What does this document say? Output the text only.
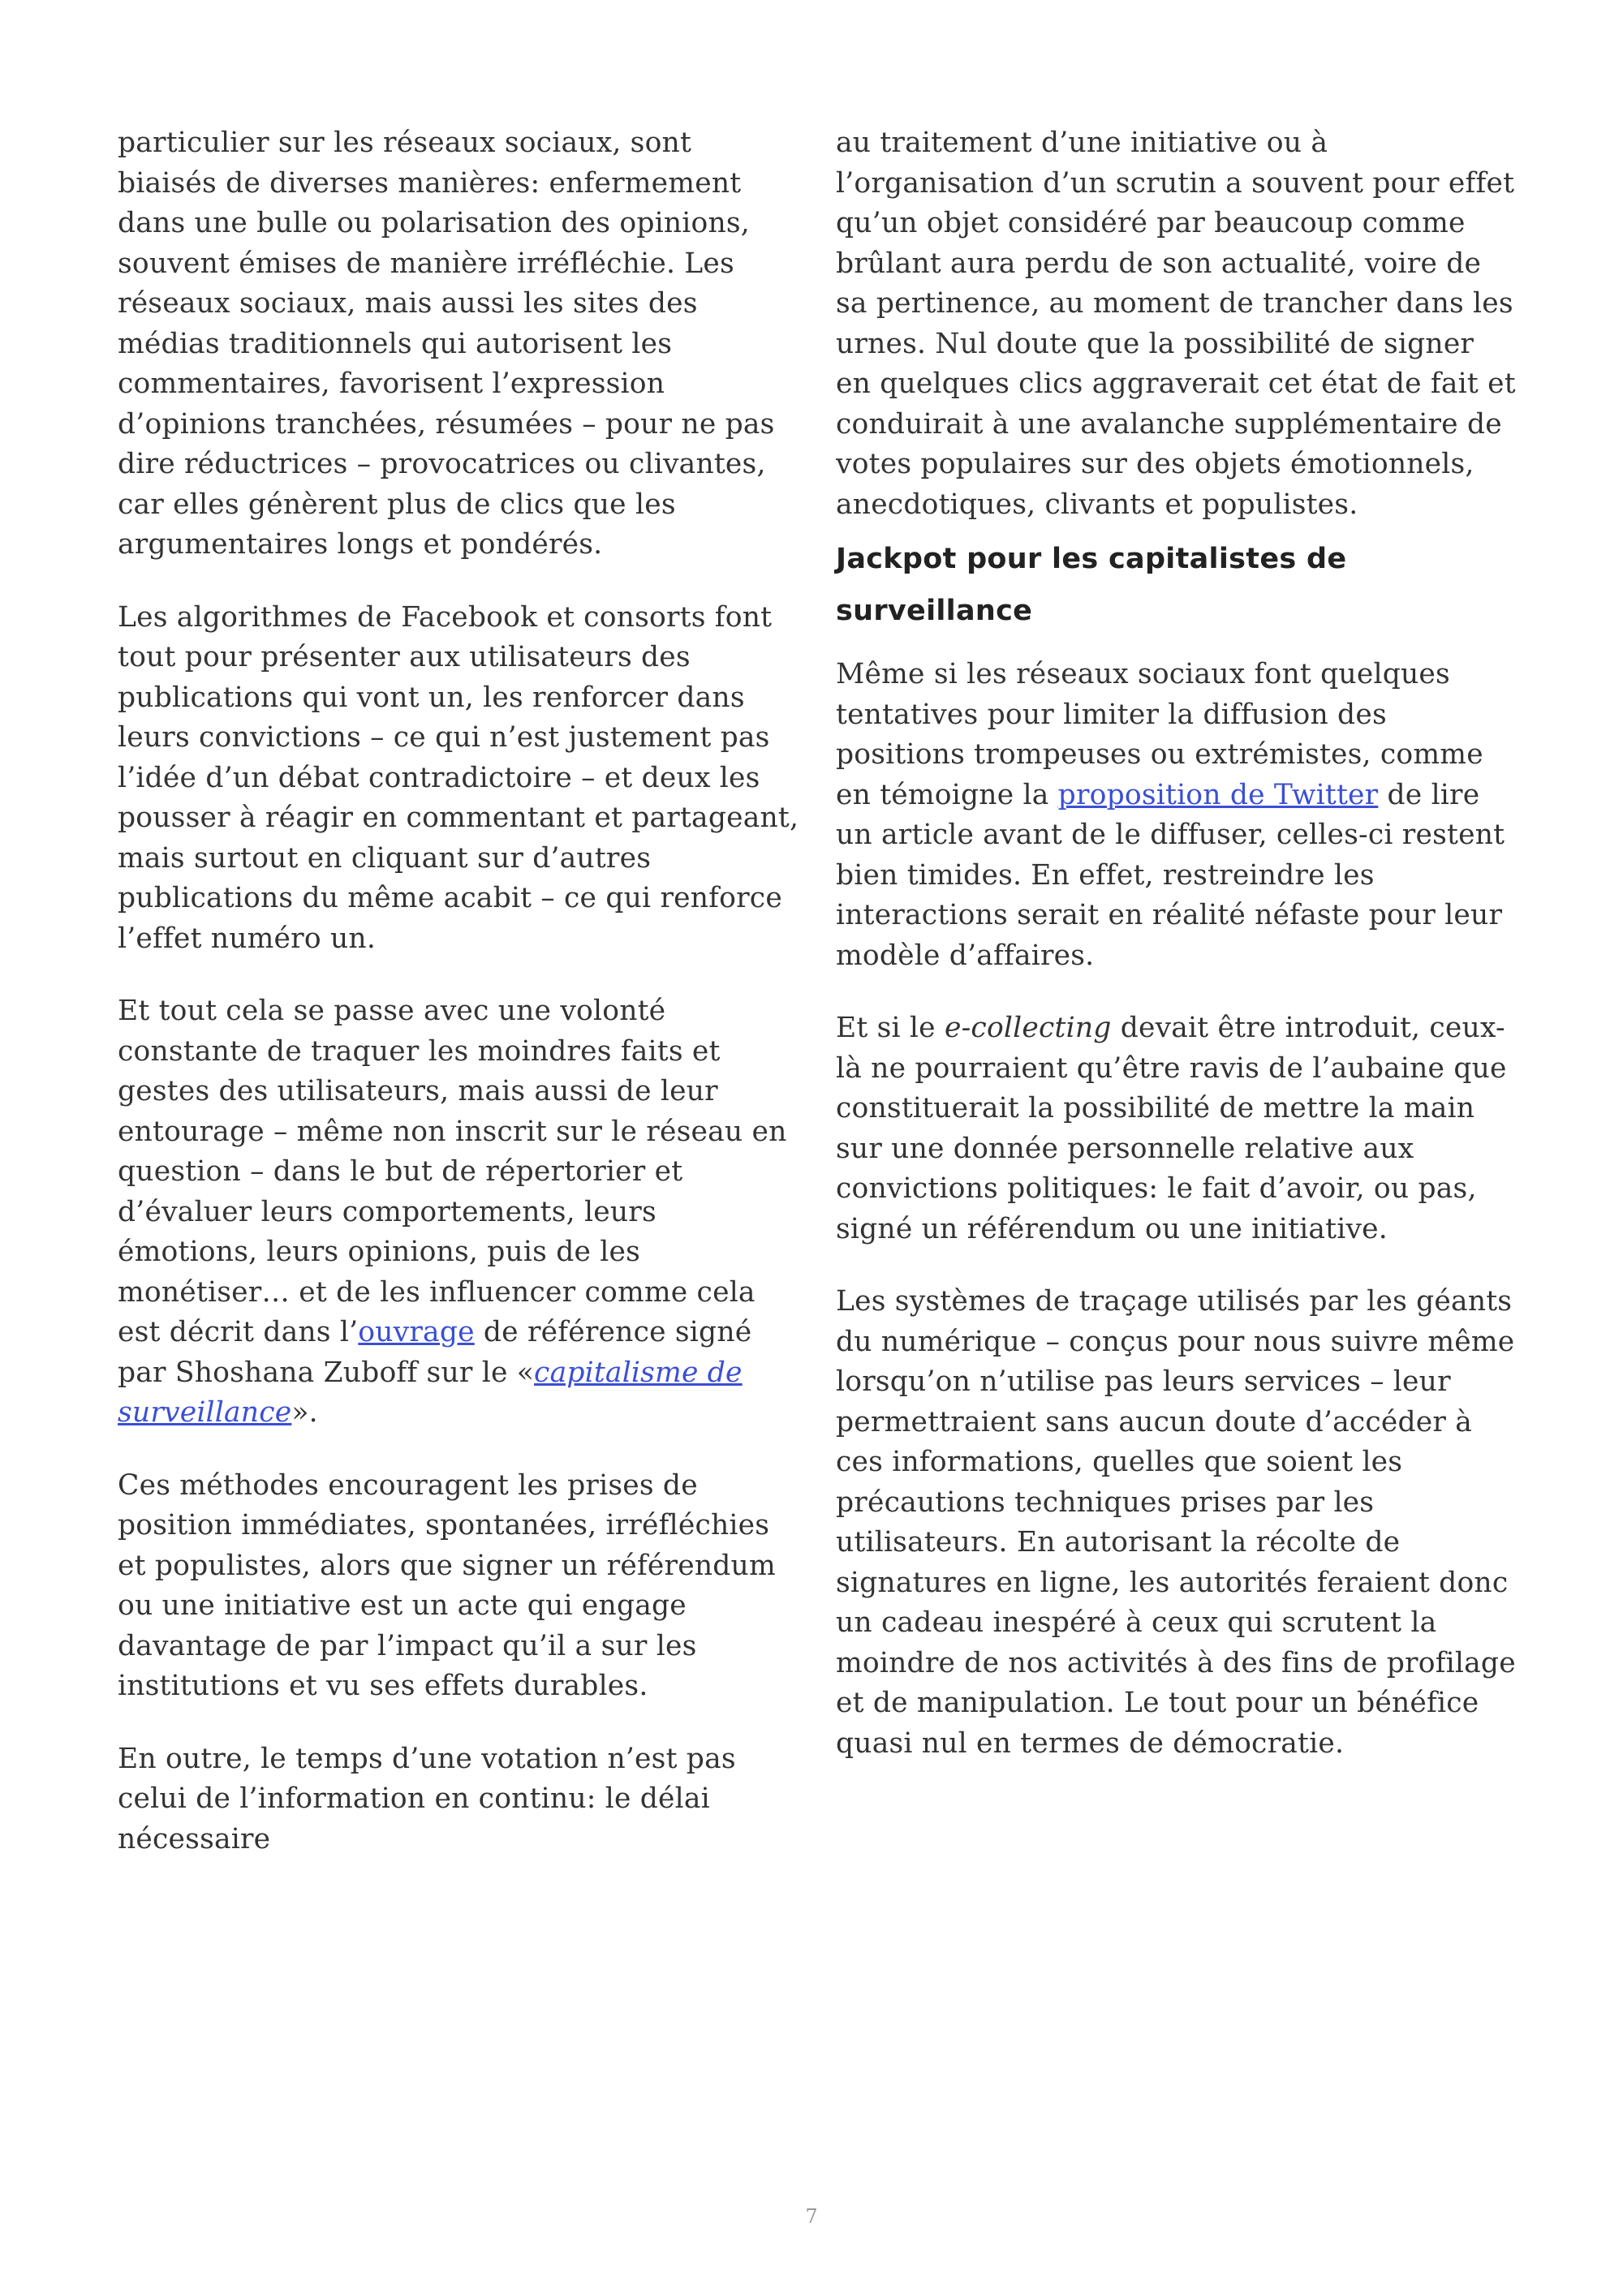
particulier sur les réseaux sociaux, sont biaisés de diverses manières: enfermement dans une bulle ou polarisation des opinions, souvent émises de manière irréfléchie. Les réseaux sociaux, mais aussi les sites des médias traditionnels qui autorisent les commentaires, favorisent l’expression d’opinions tranchées, résumées – pour ne pas dire réductrices – provocatrices ou clivantes, car elles génèrent plus de clics que les argumentaires longs et pondérés.

Les algorithmes de Facebook et consorts font tout pour présenter aux utilisateurs des publications qui vont un, les renforcer dans leurs convictions – ce qui n’est justement pas l’idée d’un débat contradictoire – et deux les pousser à réagir en commentant et partageant, mais surtout en cliquant sur d’autres publications du même acabit – ce qui renforce l’effet numéro un.

Et tout cela se passe avec une volonté constante de traquer les moindres faits et gestes des utilisateurs, mais aussi de leur entourage – même non inscrit sur le réseau en question – dans le but de répertorier et d’évaluer leurs comportements, leurs émotions, leurs opinions, puis de les monétiser… et de les influencer comme cela est décrit dans l’ouvrage de référence signé par Shoshana Zuboff sur le «capitalisme de surveillance».

Ces méthodes encouragent les prises de position immédiates, spontanées, irréfléchies et populistes, alors que signer un référendum ou une initiative est un acte qui engage davantage de par l’impact qu’il a sur les institutions et vu ses effets durables.

En outre, le temps d’une votation n’est pas celui de l’information en continu: le délai nécessaire

au traitement d’une initiative ou à l’organisation d’un scrutin a souvent pour effet qu’un objet considéré par beaucoup comme brûlant aura perdu de son actualité, voire de sa pertinence, au moment de trancher dans les urnes. Nul doute que la possibilité de signer en quelques clics aggraverait cet état de fait et conduirait à une avalanche supplémentaire de votes populaires sur des objets émotionnels, anecdotiques, clivants et populistes.

Jackpot pour les capitalistes de surveillance

Même si les réseaux sociaux font quelques tentatives pour limiter la diffusion des positions trompeuses ou extrémistes, comme en témoigne la proposition de Twitter de lire un article avant de le diffuser, celles-ci restent bien timides. En effet, restreindre les interactions serait en réalité néfaste pour leur modèle d’affaires.

Et si le e-collecting devait être introduit, ceux-là ne pourraient qu’être ravis de l’aubaine que constituerait la possibilité de mettre la main sur une donnée personnelle relative aux convictions politiques: le fait d’avoir, ou pas, signé un référendum ou une initiative.

Les systèmes de traçage utilisés par les géants du numérique – conçus pour nous suivre même lorsqu’on n’utilise pas leurs services – leur permettraient sans aucun doute d’accéder à ces informations, quelles que soient les précautions techniques prises par les utilisateurs. En autorisant la récolte de signatures en ligne, les autorités feraient donc un cadeau inespéré à ceux qui scrutent la moindre de nos activités à des fins de profilage et de manipulation. Le tout pour un bénéfice quasi nul en termes de démocratie.

7
